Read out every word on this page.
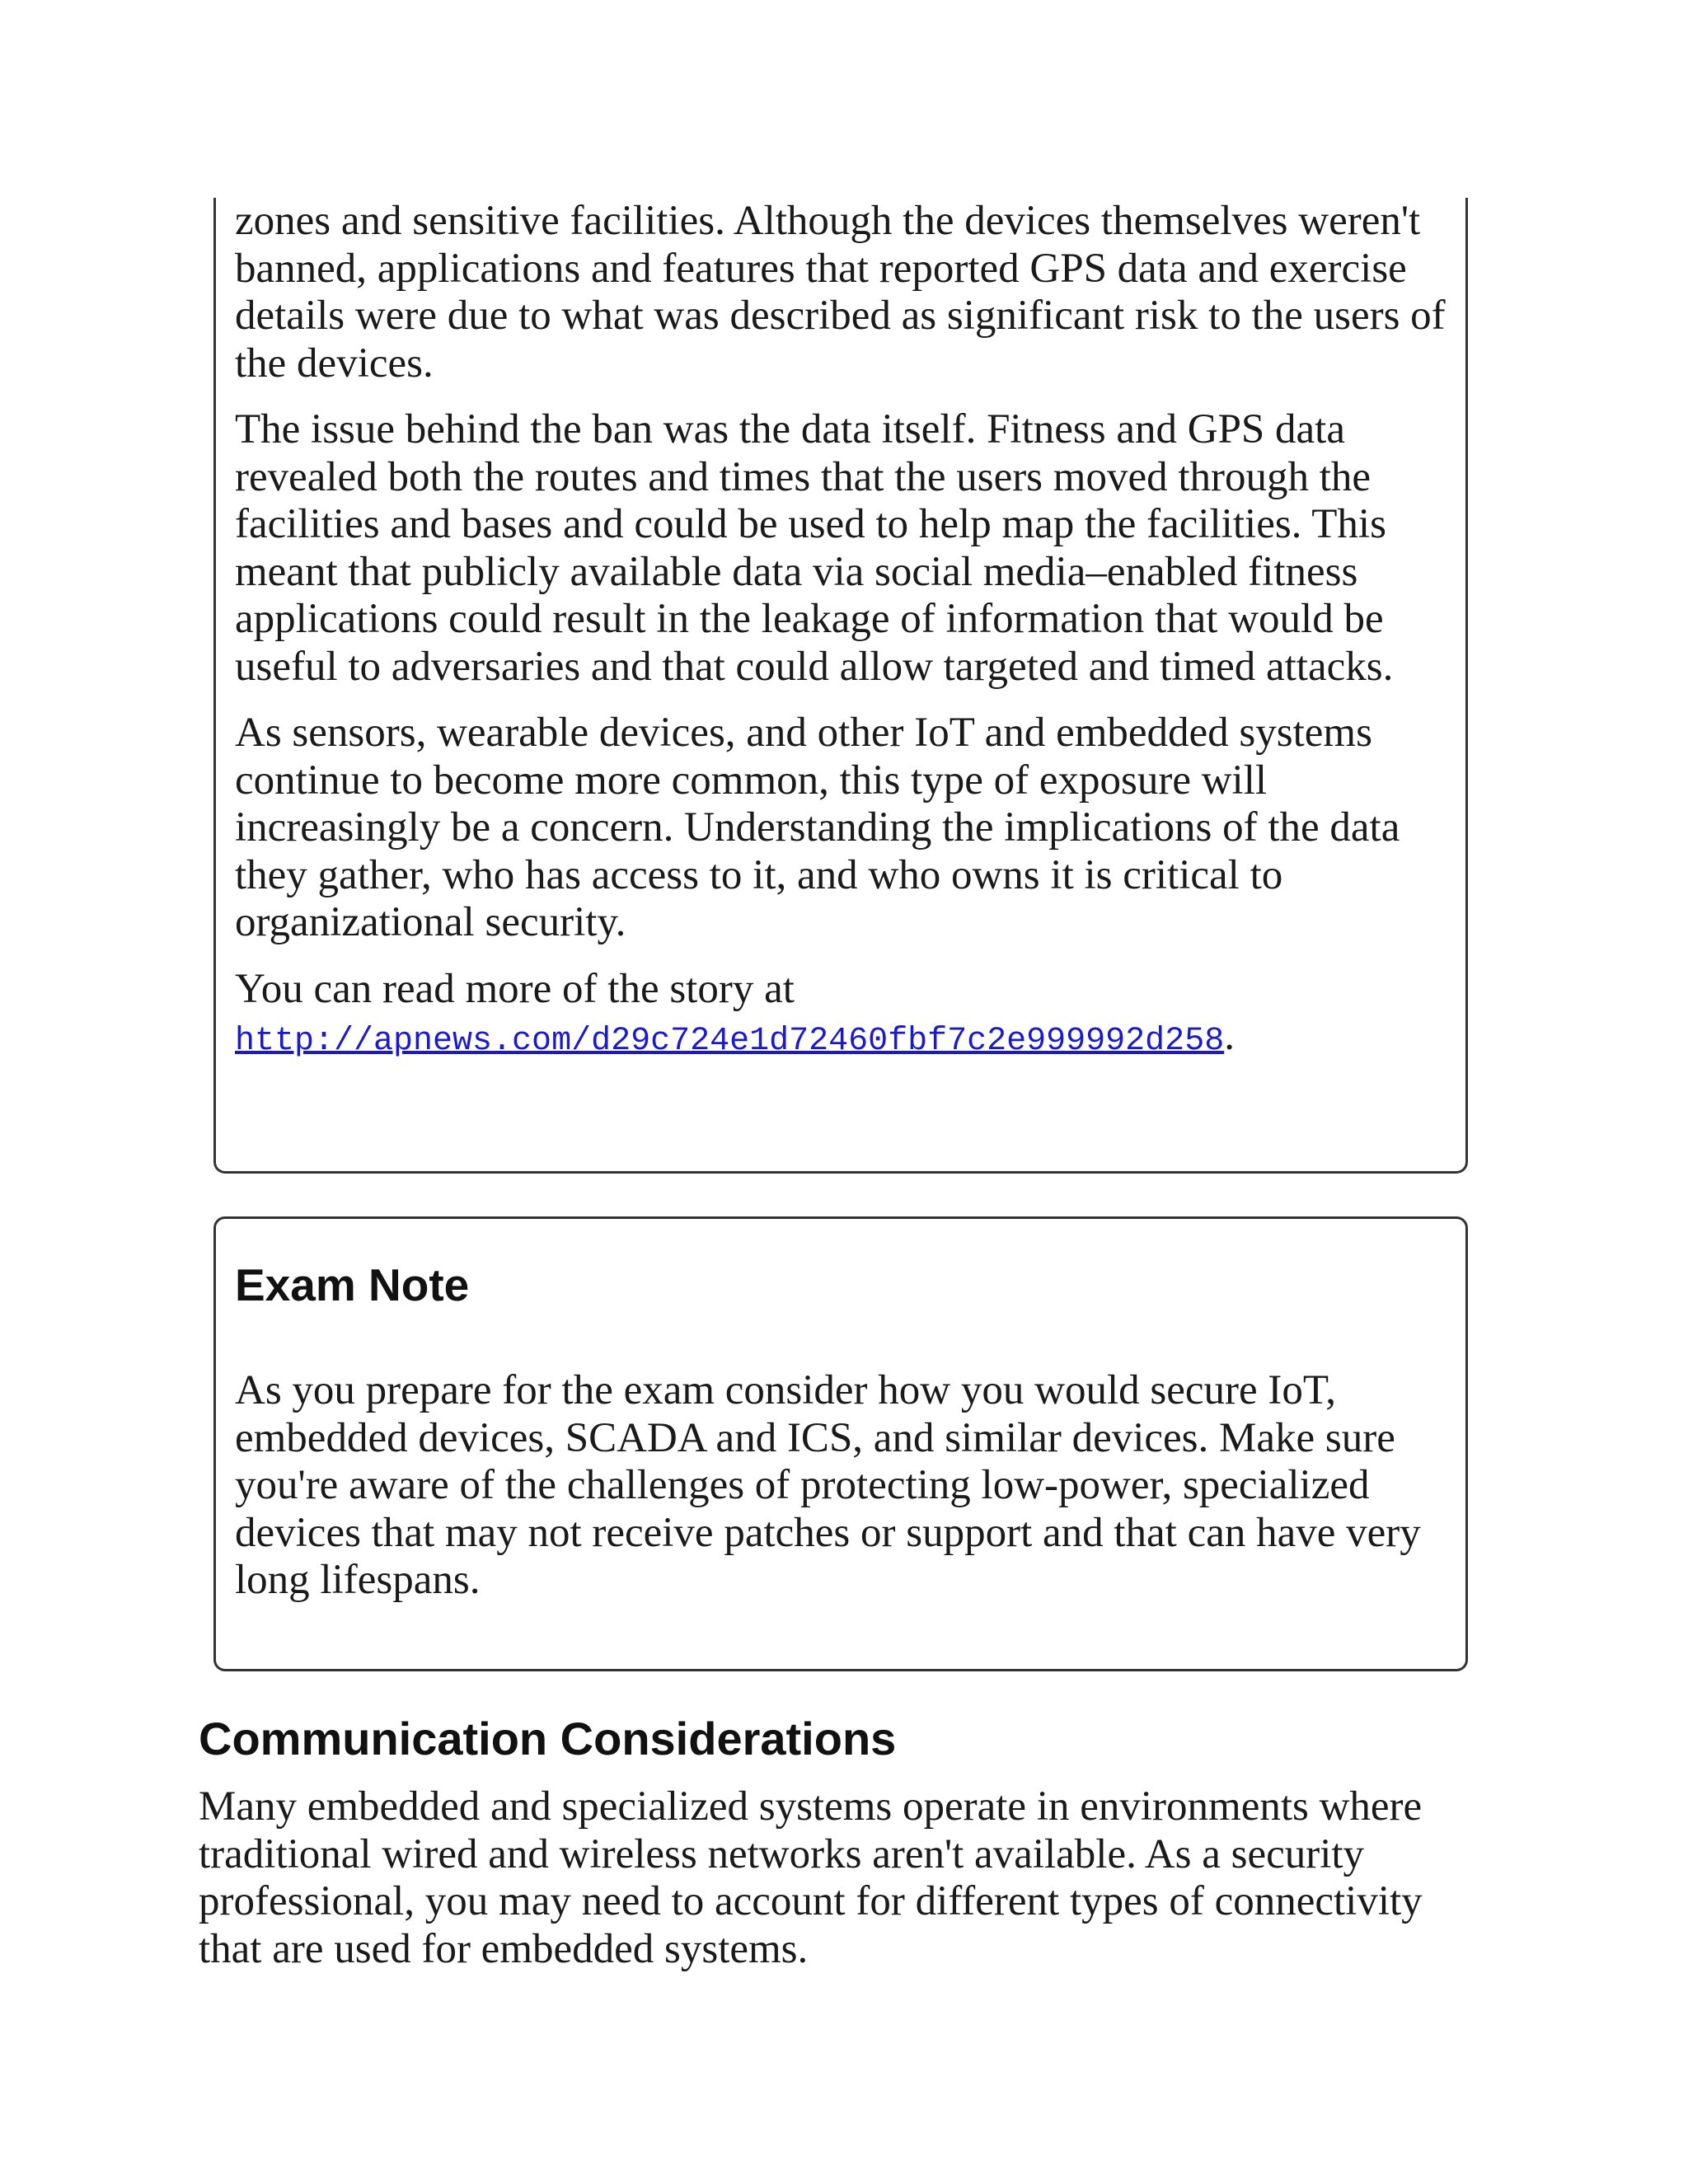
zones and sensitive facilities. Although the devices themselves weren't banned, applications and features that reported GPS data and exercise details were due to what was described as significant risk to the users of the devices.

The issue behind the ban was the data itself. Fitness and GPS data revealed both the routes and times that the users moved through the facilities and bases and could be used to help map the facilities. This meant that publicly available data via social media–enabled fitness applications could result in the leakage of information that would be useful to adversaries and that could allow targeted and timed attacks.

As sensors, wearable devices, and other IoT and embedded systems continue to become more common, this type of exposure will increasingly be a concern. Understanding the implications of the data they gather, who has access to it, and who owns it is critical to organizational security.

You can read more of the story at
http://apnews.com/d29c724e1d72460fbf7c2e999992d258.

Exam Note

As you prepare for the exam consider how you would secure IoT, embedded devices, SCADA and ICS, and similar devices. Make sure you're aware of the challenges of protecting low-power, specialized devices that may not receive patches or support and that can have very long lifespans.

Communication Considerations

Many embedded and specialized systems operate in environments where traditional wired and wireless networks aren't available. As a security professional, you may need to account for different types of connectivity that are used for embedded systems.
